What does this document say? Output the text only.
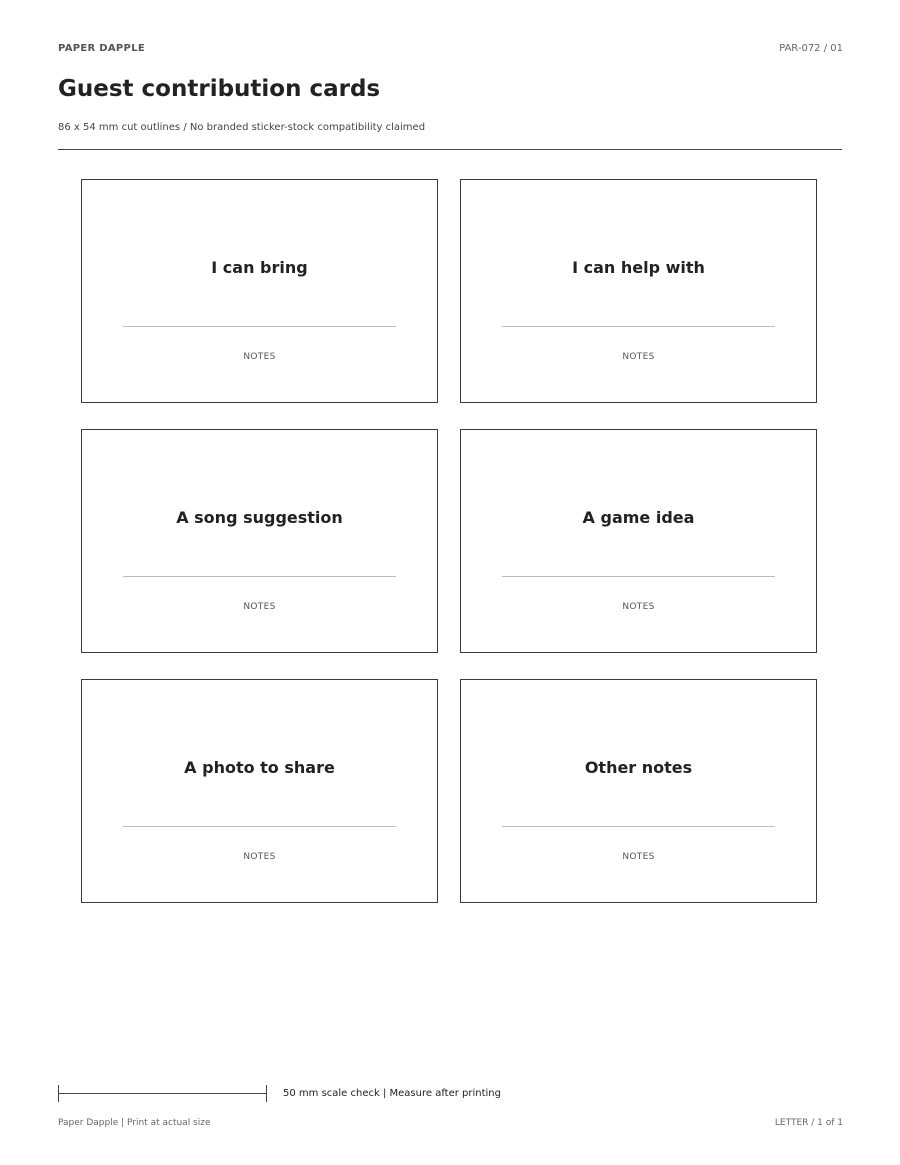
PAPER DAPPLE	PAR-072 / 01
Guest contribution cards
86 x 54 mm cut outlines / No branded sticker-stock compatibility claimed
I can bring
NOTES
I can help with
NOTES
A song suggestion
NOTES
A game idea
NOTES
A photo to share
NOTES
Other notes
NOTES
50 mm scale check | Measure after printing
Paper Dapple | Print at actual size	LETTER / 1 of 1
